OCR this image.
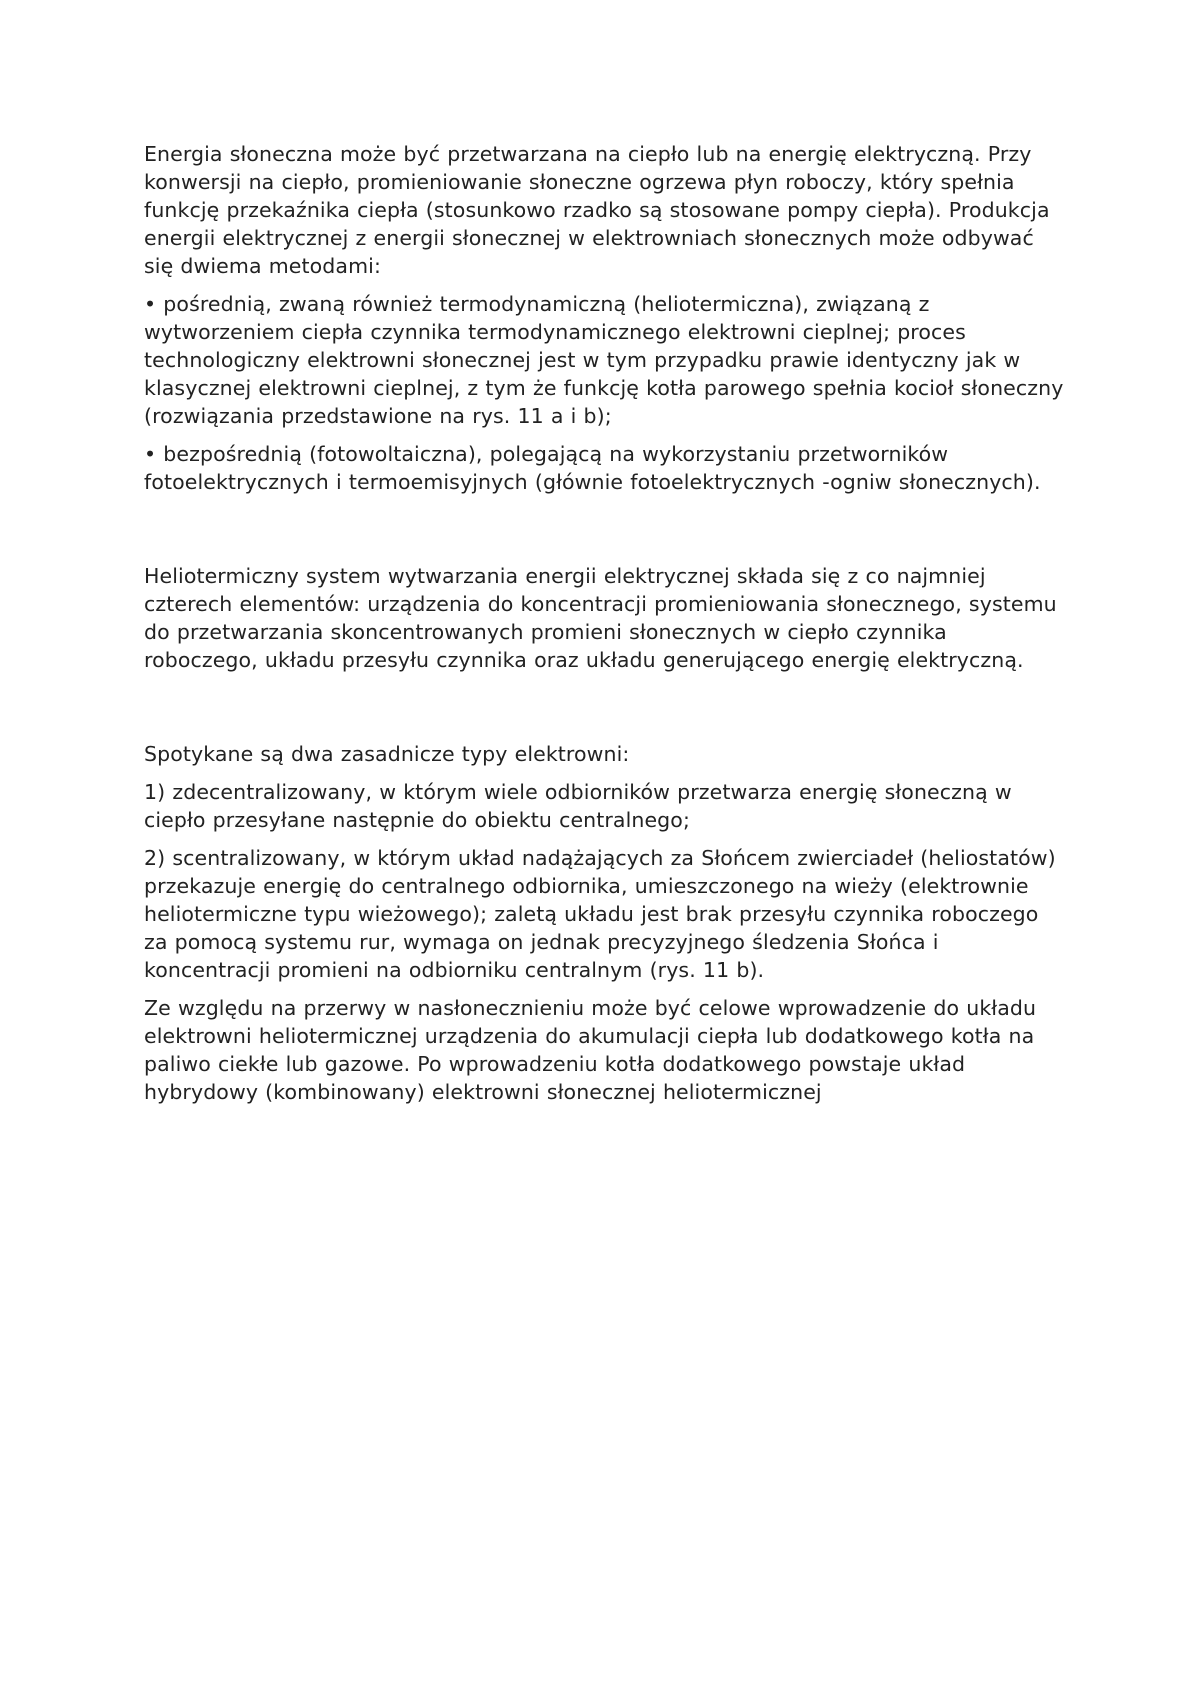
Energia słoneczna może być przetwarzana na ciepło lub na energię elektryczną. Przy konwersji na ciepło, promieniowanie słoneczne ogrzewa płyn roboczy, który spełnia funkcję przekaźnika ciepła (stosunkowo rzadko są stosowane pompy ciepła). Produkcja energii elektrycznej z energii słonecznej w elektrowniach słonecznych może odbywać się dwiema metodami:

• pośrednią, zwaną również termodynamiczną (heliotermiczna), związaną z wytworzeniem ciepła czynnika termodynamicznego elektrowni cieplnej; proces technologiczny elektrowni słonecznej jest w tym przypadku prawie identyczny jak w klasycznej elektrowni cieplnej, z tym że funkcję kotła parowego spełnia kocioł słoneczny (rozwiązania przedstawione na rys. 11 a i b);

• bezpośrednią (fotowoltaiczna), polegającą na wykorzystaniu przetworników fotoelektrycznych i termoemisyjnych (głównie fotoelektrycznych -ogniw słonecznych).

Heliotermiczny system wytwarzania energii elektrycznej składa się z co najmniej czterech elementów: urządzenia do koncentracji promieniowania słonecznego, systemu do przetwarzania skoncentrowanych promieni słonecznych w ciepło czynnika roboczego, układu przesyłu czynnika oraz układu generującego energię elektryczną.

Spotykane są dwa zasadnicze typy elektrowni:

1) zdecentralizowany, w którym wiele odbiorników przetwarza energię słoneczną w ciepło przesyłane następnie do obiektu centralnego;

2) scentralizowany, w którym układ nadążających za Słońcem zwierciadeł (heliostatów) przekazuje energię do centralnego odbiornika, umieszczonego na wieży (elektrownie heliotermiczne typu wieżowego); zaletą układu jest brak przesyłu czynnika roboczego za pomocą systemu rur, wymaga on jednak precyzyjnego śledzenia Słońca i koncentracji promieni na odbiorniku centralnym (rys. 11 b).

Ze względu na przerwy w nasłonecznieniu może być celowe wprowadzenie do układu elektrowni heliotermicznej urządzenia do akumulacji ciepła lub dodatkowego kotła na paliwo ciekłe lub gazowe. Po wprowadzeniu kotła dodatkowego powstaje układ hybrydowy (kombinowany) elektrowni słonecznej heliotermicznej
